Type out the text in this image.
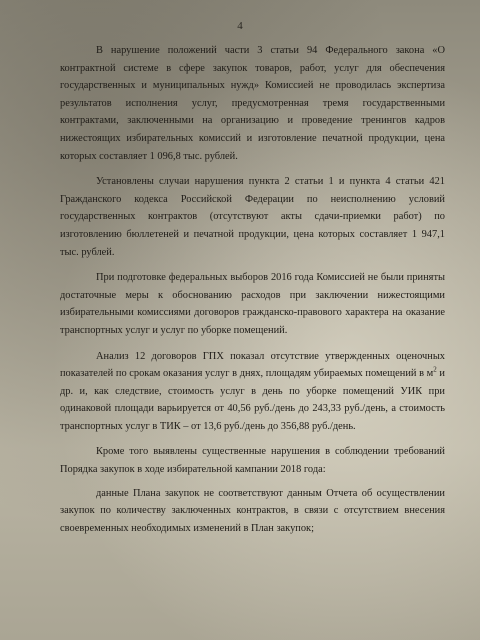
4

В нарушение положений части 3 статьи 94 Федерального закона «О контрактной системе в сфере закупок товаров, работ, услуг для обеспечения государственных и муниципальных нужд» Комиссией не проводилась экспертиза результатов исполнения услуг, предусмотренная тремя государственными контрактами, заключенными на организацию и проведение тренингов кадров нижестоящих избирательных комиссий и изготовление печатной продукции, цена которых составляет 1 096,8 тыс. рублей.

Установлены случаи нарушения пункта 2 статьи 1 и пункта 4 статьи 421 Гражданского кодекса Российской Федерации по неисполнению условий государственных контрактов (отсутствуют акты сдачи-приемки работ) по изготовлению бюллетеней и печатной продукции, цена которых составляет 1 947,1 тыс. рублей.

При подготовке федеральных выборов 2016 года Комиссией не были приняты достаточные меры к обоснованию расходов при заключении нижестоящими избирательными комиссиями договоров гражданско-правового характера на оказание транспортных услуг и услуг по уборке помещений.

Анализ 12 договоров ГПХ показал отсутствие утвержденных оценочных показателей по срокам оказания услуг в днях, площадям убираемых помещений в $м^2$ и др. и, как следствие, стоимость услуг в день по уборке помещений УИК при одинаковой площади варьируется от 40,56 руб./день до 243,33 руб./день, а стоимость транспортных услуг в ТИК – от 13,6 руб./день до 356,88 руб./день.

Кроме того выявлены существенные нарушения в соблюдении требований Порядка закупок в ходе избирательной кампании 2018 года:

данные Плана закупок не соответствуют данным Отчета об осуществлении закупок по количеству заключенных контрактов, в связи с отсутствием внесения своевременных необходимых изменений в План закупок;
